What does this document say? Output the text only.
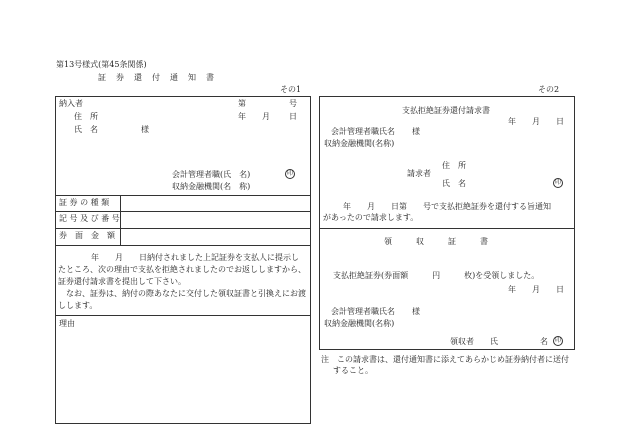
第13号様式(第45条関係)
証　券　還　付　通　知　書
その1	その2
納入者
住　所
氏　名	様
第	号
年 月 日
会計管理者職(氏　名)	印
収納金融機関(名　称)
証 券 の 種 類
記 号 及 び 番 号
券　面　金　額
年　　月　　日納付されました上記証券を支払人に提示し
たところ、次の理由で支払を拒絶されましたのでお返ししますから、
証券還付請求書を提出して下さい。
なお、証券は、納付の際あなたに交付した領収証書と引換えにお渡
しします。
理由
支払拒絶証券還付請求書
年 月 日
会計管理者職氏名 様
収納金融機関(名称)
住　所
請求者
氏　名	印
年　　月　　日第　　号で支払拒絶証券を還付する旨通知
があったので請求します。
領　　　収　　　証　　　書
支払拒絶証券(券面額　　　円　　　枚)を受領しました。
年 月 日
会計管理者職氏名 様
収納金融機関(名称)
領収者 氏	名	印
注　この請求書は、還付通知書に添えてあらかじめ証券納付者に送付
すること。
